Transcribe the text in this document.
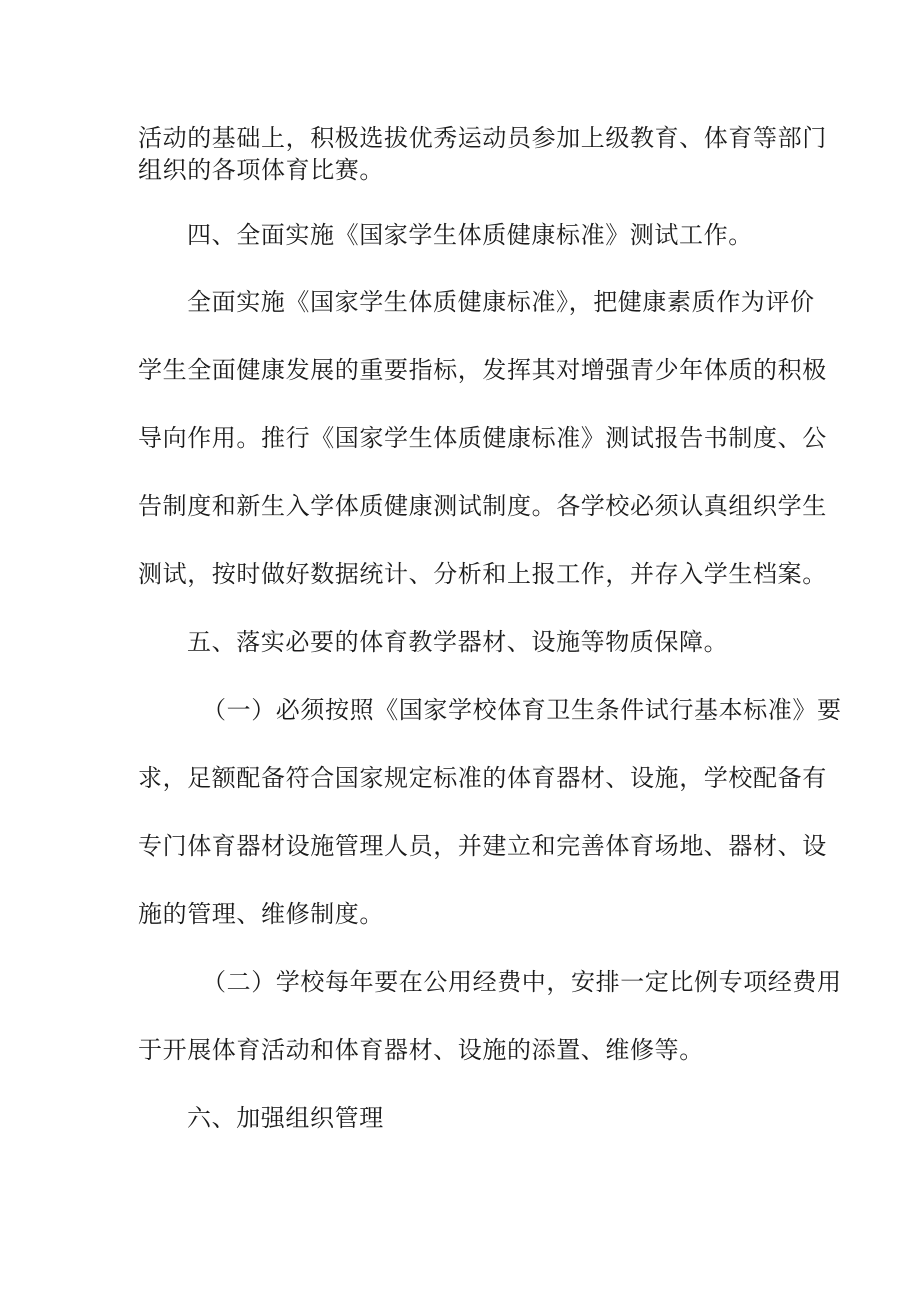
活动的基础上，积极选拔优秀运动员参加上级教育、体育等部门
组织的各项体育比赛。
四、全面实施《国家学生体质健康标准》测试工作。
全面实施《国家学生体质健康标准》，把健康素质作为评价
学生全面健康发展的重要指标，发挥其对增强青少年体质的积极
导向作用。推行《国家学生体质健康标准》测试报告书制度、公
告制度和新生入学体质健康测试制度。各学校必须认真组织学生
测试，按时做好数据统计、分析和上报工作，并存入学生档案。
五、落实必要的体育教学器材、设施等物质保障。
（一）必须按照《国家学校体育卫生条件试行基本标准》要
求，足额配备符合国家规定标准的体育器材、设施，学校配备有
专门体育器材设施管理人员，并建立和完善体育场地、器材、设
施的管理、维修制度。
（二）学校每年要在公用经费中，安排一定比例专项经费用
于开展体育活动和体育器材、设施的添置、维修等。
六、加强组织管理
